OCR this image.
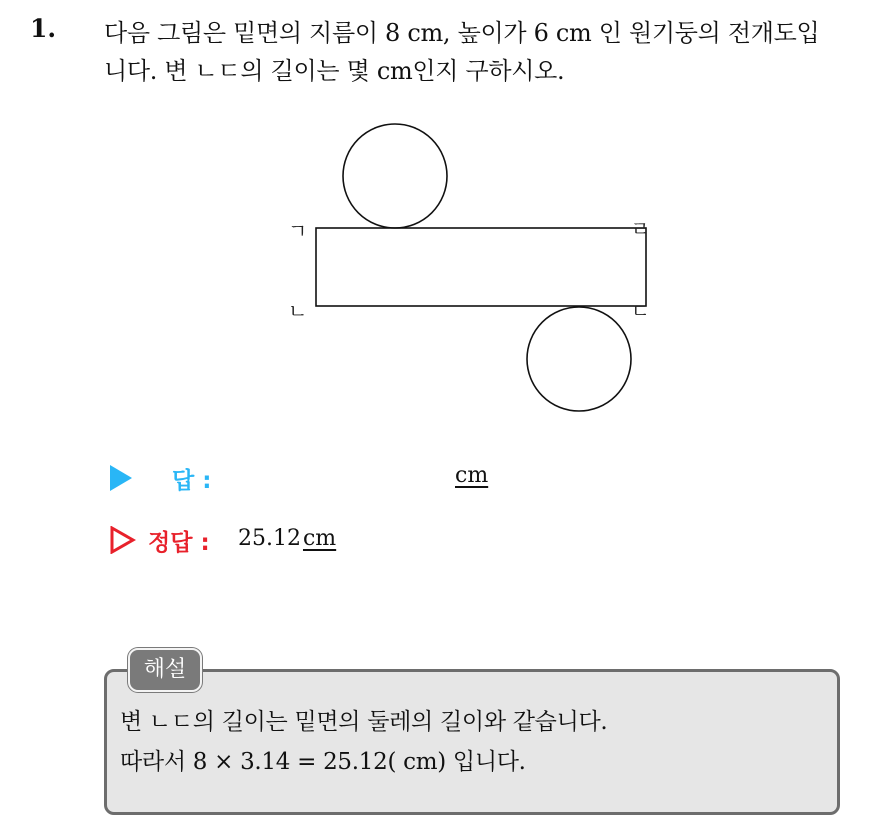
1. 다음 그림은 밑면의 지름이 8 cm, 높이가 6 cm 인 원기둥의 전개도입
니다. 변 ㄴㄷ의 길이는 몇 cm인지 구하시오.
ㄱ
ㄴ	ㄷ
ㄹ
답 :	cm
정답 : 25.12cm
해설
변 ㄴㄷ의 길이는 밑면의 둘레의 길이와 같습니다.
따라서 8 × 3.14 = 25.12( cm) 입니다.
